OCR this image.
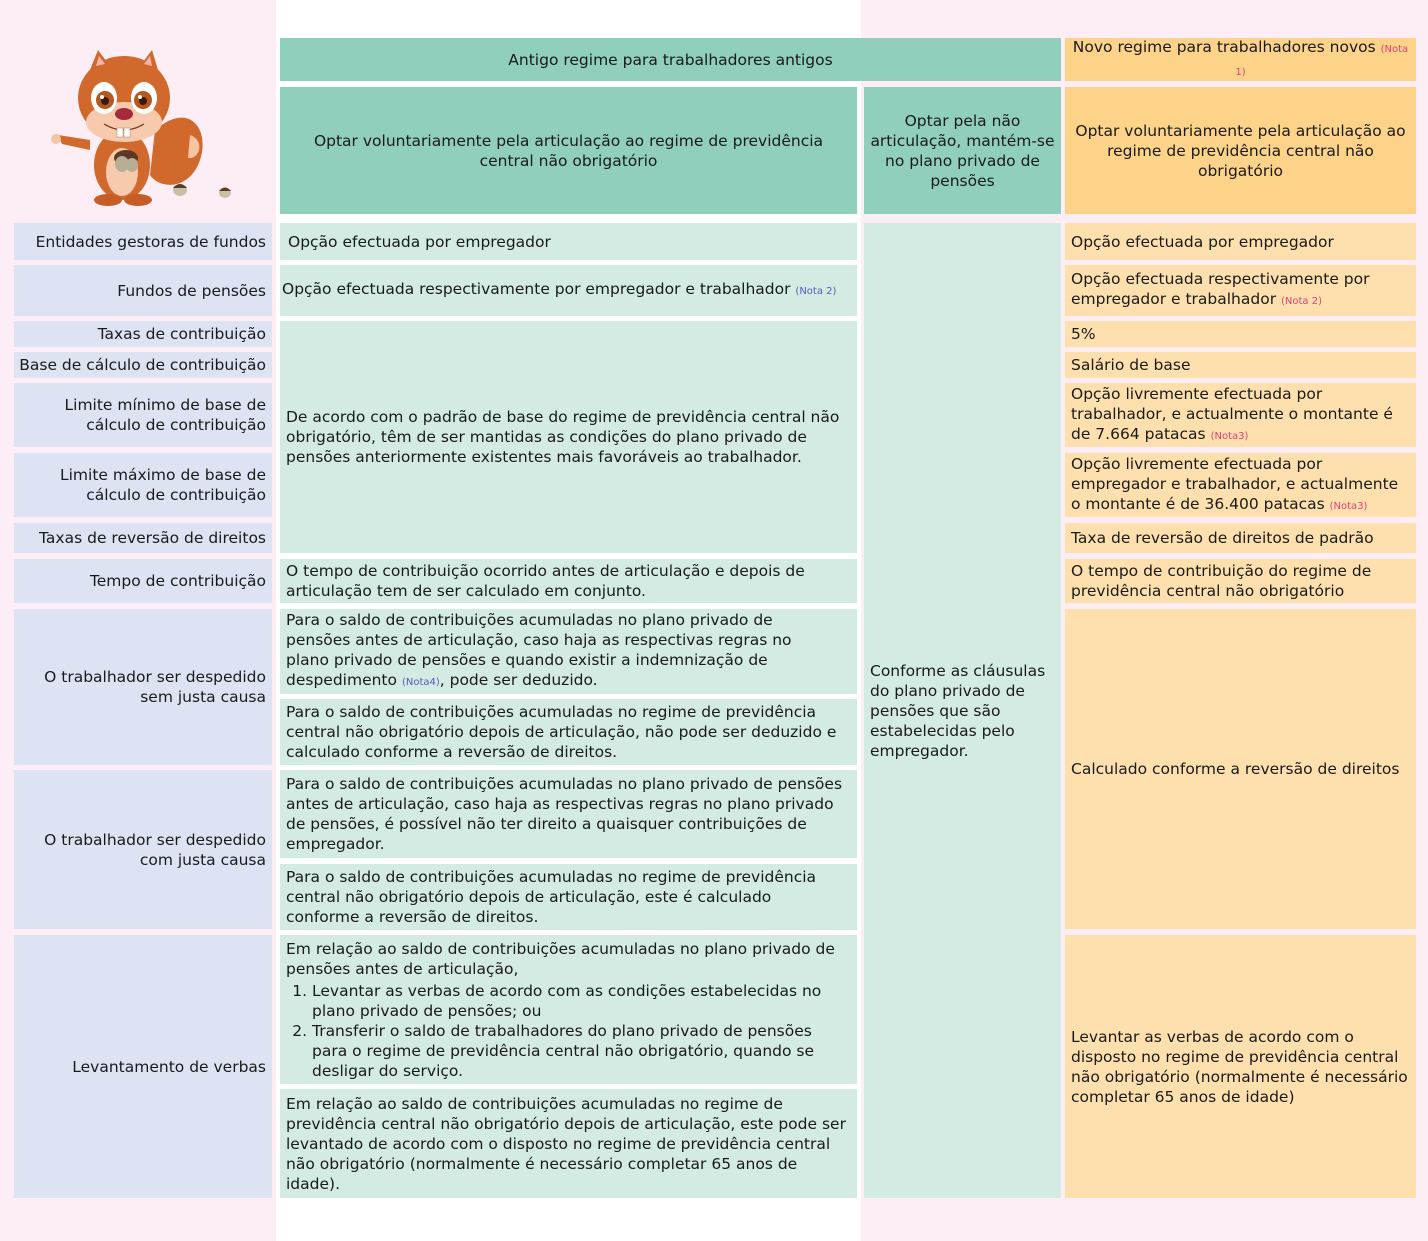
Antigo regime para trabalhadores antigos
Novo regime para trabalhadores novos (Nota 1)
Optar voluntariamente pela articulação ao regime de previdência central não obrigatório
Optar pela não articulação, mantém-se no plano privado de pensões
Optar voluntariamente pela articulação ao regime de previdência central não obrigatório
Entidades gestoras de fundos
Fundos de pensões
Taxas de contribuição
Base de cálculo de contribuição
Limite mínimo de base de cálculo de contribuição
Limite máximo de base de cálculo de contribuição
Taxas de reversão de direitos
Tempo de contribuição
O trabalhador ser despedido sem justa causa
O trabalhador ser despedido com justa causa
Levantamento de verbas
Opção efectuada por empregador
Opção efectuada respectivamente por empregador e trabalhador (Nota 2)
De acordo com o padrão de base do regime de previdência central não obrigatório, têm de ser mantidas as condições do plano privado de pensões anteriormente existentes mais favoráveis ao trabalhador.
O tempo de contribuição ocorrido antes de articulação e depois de articulação tem de ser calculado em conjunto.
Para o saldo de contribuições acumuladas no plano privado de pensões antes de articulação, caso haja as respectivas regras no plano privado de pensões e quando existir a indemnização de despedimento (Nota4), pode ser deduzido.
Para o saldo de contribuições acumuladas no regime de previdência central não obrigatório depois de articulação, não pode ser deduzido e calculado conforme a reversão de direitos.
Para o saldo de contribuições acumuladas no plano privado de pensões antes de articulação, caso haja as respectivas regras no plano privado de pensões, é possível não ter direito a quaisquer contribuições de empregador.
Para o saldo de contribuições acumuladas no regime de previdência central não obrigatório depois de articulação, este é calculado conforme a reversão de direitos.
Em relação ao saldo de contribuições acumuladas no plano privado de pensões antes de articulação,
1. Levantar as verbas de acordo com as condições estabelecidas no plano privado de pensões; ou
2. Transferir o saldo de trabalhadores do plano privado de pensões para o regime de previdência central não obrigatório, quando se desligar do serviço.
Em relação ao saldo de contribuições acumuladas no regime de previdência central não obrigatório depois de articulação, este pode ser levantado de acordo com o disposto no regime de previdência central não obrigatório (normalmente é necessário completar 65 anos de idade).
Conforme as cláusulas do plano privado de pensões que são estabelecidas pelo empregador.
Opção efectuada por empregador
Opção efectuada respectivamente por empregador e trabalhador (Nota 2)
5%
Salário de base
Opção livremente efectuada por trabalhador, e actualmente o montante é de 7.664 patacas (Nota3)
Opção livremente efectuada por empregador e trabalhador, e actualmente o montante é de 36.400 patacas (Nota3)
Taxa de reversão de direitos de padrão
O tempo de contribuição do regime de previdência central não obrigatório
Calculado conforme a reversão de direitos
Levantar as verbas de acordo com o disposto no regime de previdência central não obrigatório (normalmente é necessário completar 65 anos de idade)
